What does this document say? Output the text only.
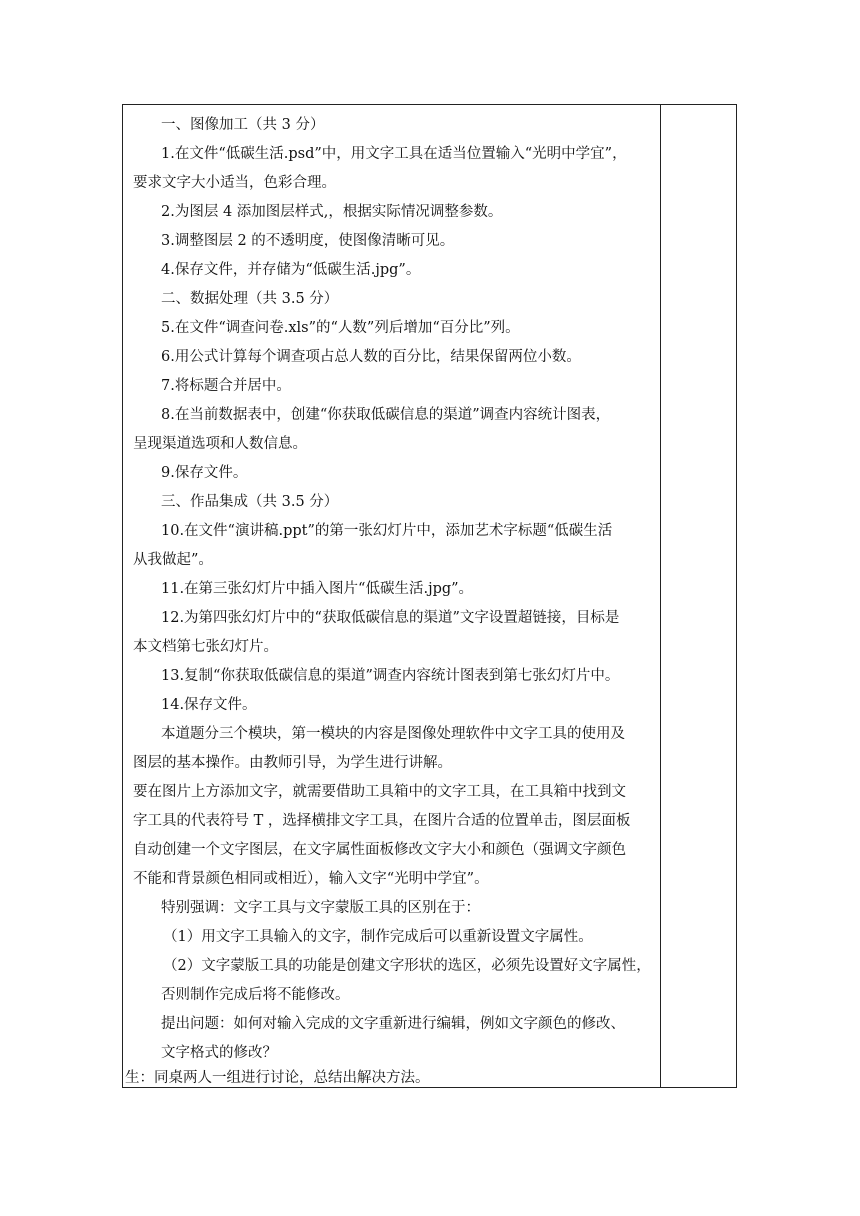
一、图像加工（共 3 分）
1.在文件“低碳生活.psd”中，用文字工具在适当位置输入“光明中学宜”，
要求文字大小适当，色彩合理。
2.为图层 4 添加图层样式,，根据实际情况调整参数。
3.调整图层 2 的不透明度，使图像清晰可见。
4.保存文件，并存储为“低碳生活.jpg”。
二、数据处理（共 3.5 分）
5.在文件“调查问卷.xls”的“人数”列后增加“百分比”列。
6.用公式计算每个调查项占总人数的百分比，结果保留两位小数。
7.将标题合并居中。
8.在当前数据表中，创建“你获取低碳信息的渠道”调查内容统计图表，
呈现渠道选项和人数信息。
9.保存文件。
三、作品集成（共 3.5 分）
10.在文件“演讲稿.ppt”的第一张幻灯片中，添加艺术字标题“低碳生活
从我做起”。
11.在第三张幻灯片中插入图片“低碳生活.jpg”。
12.为第四张幻灯片中的“获取低碳信息的渠道”文字设置超链接，目标是
本文档第七张幻灯片。
13.复制“你获取低碳信息的渠道”调查内容统计图表到第七张幻灯片中。
14.保存文件。
本道题分三个模块，第一模块的内容是图像处理软件中文字工具的使用及
图层的基本操作。由教师引导，为学生进行讲解。
要在图片上方添加文字，就需要借助工具箱中的文字工具，在工具箱中找到文
字工具的代表符号 T ，选择横排文字工具，在图片合适的位置单击，图层面板
自动创建一个文字图层，在文字属性面板修改文字大小和颜色（强调文字颜色
不能和背景颜色相同或相近），输入文字“光明中学宜”。
特别强调：文字工具与文字蒙版工具的区别在于：
（1）用文字工具输入的文字，制作完成后可以重新设置文字属性。
（2）文字蒙版工具的功能是创建文字形状的选区，必须先设置好文字属性，
否则制作完成后将不能修改。
提出问题：如何对输入完成的文字重新进行编辑，例如文字颜色的修改、
文字格式的修改？
生：同桌两人一组进行讨论，总结出解决方法。
